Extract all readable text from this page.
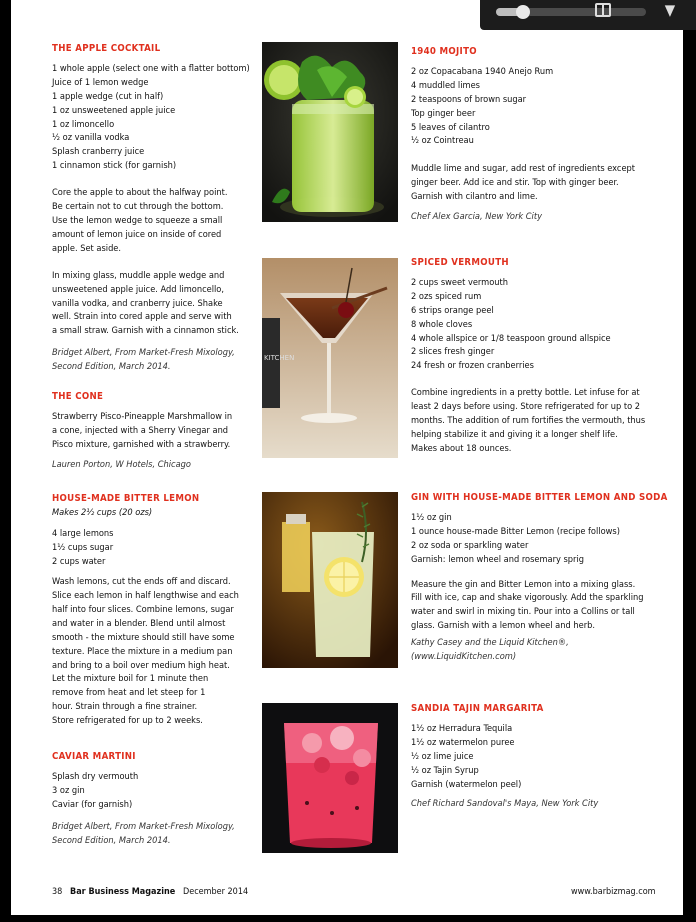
THE APPLE COCKTAIL

1 whole apple (select one with a flatter bottom)

Juice of 1 lemon wedge

1 apple wedge (cut in half)

1 oz unsweetened apple juice

1 oz limoncello

½ oz vanilla vodka

Splash cranberry juice

1 cinnamon stick (for garnish)

Core the apple to about the halfway point.

Be certain not to cut through the bottom.

Use the lemon wedge to squeeze a small

amount of lemon juice on inside of cored

apple. Set aside.

In mixing glass, muddle apple wedge and

unsweetened apple juice. Add limoncello,

vanilla vodka, and cranberry juice. Shake

well. Strain into cored apple and serve with

a small straw. Garnish with a cinnamon stick.

Bridget Albert, From Market-Fresh Mixology,

Second Edition, March 2014.

THE CONE

Strawberry Pisco-Pineapple Marshmallow in

a cone, injected with a Sherry Vinegar and

Pisco mixture, garnished with a strawberry.

Lauren Porton, W Hotels, Chicago

HOUSE-MADE BITTER LEMON

Makes 2½ cups (20 ozs)

4 large lemons

1½ cups sugar

2 cups water

Wash lemons, cut the ends off and discard.

Slice each lemon in half lengthwise and each

half into four slices. Combine lemons, sugar

and water in a blender. Blend until almost

smooth - the mixture should still have some

texture. Place the mixture in a medium pan

and bring to a boil over medium high heat.

Let the mixture boil for 1 minute then

remove from heat and let steep for 1

hour. Strain through a fine strainer.

Store refrigerated for up to 2 weeks.

CAVIAR MARTINI

Splash dry vermouth

3 oz gin

Caviar (for garnish)

Bridget Albert, From Market-Fresh Mixology,

Second Edition, March 2014.

KITCHEN
1940 MOJITO

2 oz Copacabana 1940 Anejo Rum

4 muddled limes

2 teaspoons of brown sugar

Top ginger beer

5 leaves of cilantro

½ oz Cointreau

Muddle lime and sugar, add rest of ingredients except

ginger beer. Add ice and stir. Top with ginger beer.

Garnish with cilantro and lime.

Chef Alex Garcia, New York City

SPICED VERMOUTH

2 cups sweet vermouth

2 ozs spiced rum

6 strips orange peel

8 whole cloves

4 whole allspice or 1/8 teaspoon ground allspice

2 slices fresh ginger

24 fresh or frozen cranberries

Combine ingredients in a pretty bottle. Let infuse for at

least 2 days before using. Store refrigerated for up to 2

months. The addition of rum fortifies the vermouth, thus

helping stabilize it and giving it a longer shelf life.

Makes about 18 ounces.

GIN WITH HOUSE-MADE BITTER LEMON AND SODA

1½ oz gin

1 ounce house-made Bitter Lemon (recipe follows)

2 oz soda or sparkling water

Garnish: lemon wheel and rosemary sprig

Measure the gin and Bitter Lemon into a mixing glass.

Fill with ice, cap and shake vigorously. Add the sparkling

water and swirl in mixing tin. Pour into a Collins or tall

glass. Garnish with a lemon wheel and herb.

Kathy Casey and the Liquid Kitchen®,

(www.LiquidKitchen.com)

SANDIA TAJIN MARGARITA

1½ oz Herradura Tequila

1½ oz watermelon puree

½ oz lime juice

½ oz Tajin Syrup

Garnish (watermelon peel)

Chef Richard Sandoval's Maya, New York City

38 Bar Business Magazine December 2014	www.barbizmag.com
▼
